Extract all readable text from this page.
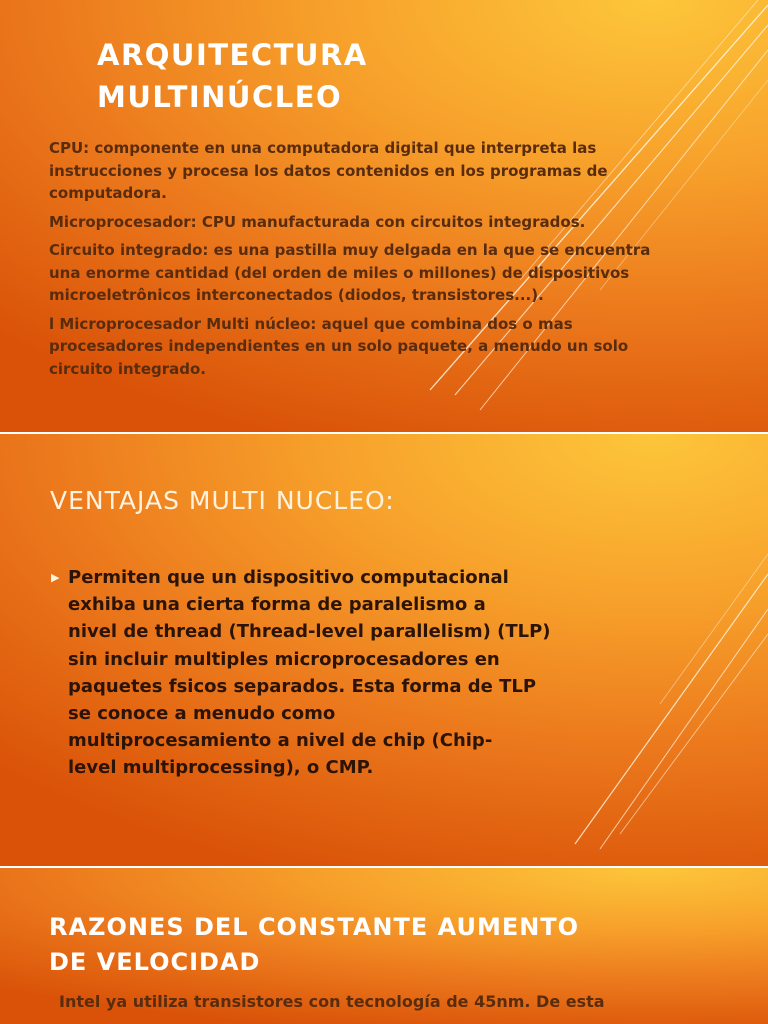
ARQUITECTURA
MULTINÚCLEO

CPU: componente en una computadora digital que interpreta las
instrucciones y procesa los datos contenidos en los programas de
computadora.

Microprocesador: CPU manufacturada con circuitos integrados.

Circuito integrado: es una pastilla muy delgada en la que se encuentra
una enorme cantidad (del orden de miles o millones) de dispositivos
microeletrônicos interconectados (diodos, transistores...).

l Microprocesador Multi núcleo: aquel que combina dos o mas
procesadores independientes en un solo paquete, a menudo un solo
circuito integrado.

VENTAJAS MULTI NUCLEO:
▶ Permiten que un dispositivo computacional
exhiba una cierta forma de paralelismo a
nivel de thread (Thread-level parallelism) (TLP)
sin incluir multiples microprocesadores en
paquetes fsicos separados. Esta forma de TLP
se conoce a menudo como
multiprocesamiento a nivel de chip (Chip-
level multiprocessing), o CMP.
RAZONES DEL CONSTANTE AUMENTO
DE VELOCIDAD
Intel ya utiliza transistores con tecnología de 45nm. De esta
